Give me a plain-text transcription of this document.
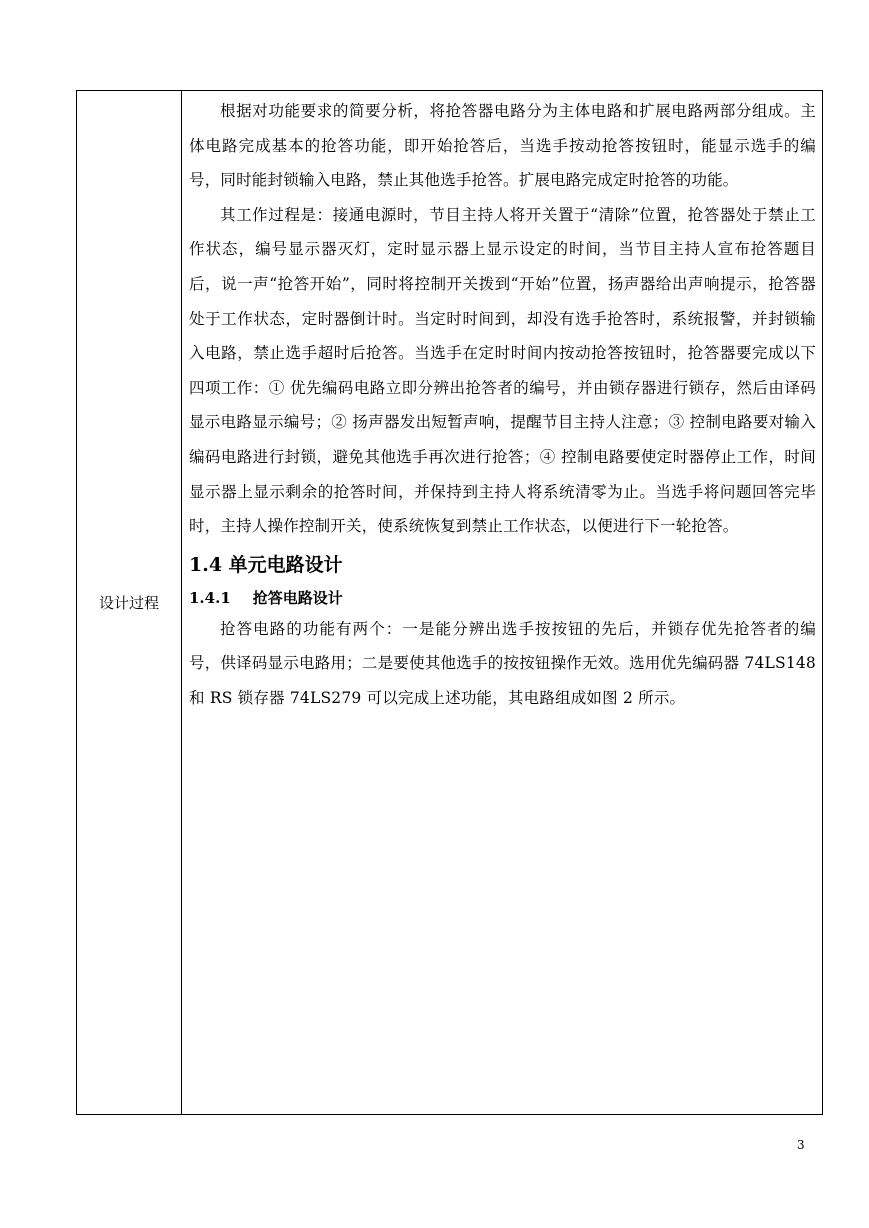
设计过程

根据对功能要求的简要分析，将抢答器电路分为主体电路和扩展电路两部分组成。主体电路完成基本的抢答功能，即开始抢答后，当选手按动抢答按钮时，能显示选手的编号，同时能封锁输入电路，禁止其他选手抢答。扩展电路完成定时抢答的功能。

其工作过程是：接通电源时，节目主持人将开关置于“清除”位置，抢答器处于禁止工作状态，编号显示器灭灯，定时显示器上显示设定的时间，当节目主持人宣布抢答题目后，说一声“抢答开始”，同时将控制开关拨到“开始”位置，扬声器给出声响提示，抢答器处于工作状态，定时器倒计时。当定时时间到，却没有选手抢答时，系统报警，并封锁输入电路，禁止选手超时后抢答。当选手在定时时间内按动抢答按钮时，抢答器要完成以下四项工作：① 优先编码电路立即分辨出抢答者的编号，并由锁存器进行锁存，然后由译码显示电路显示编号；② 扬声器发出短暂声响，提醒节目主持人注意；③ 控制电路要对输入编码电路进行封锁，避免其他选手再次进行抢答；④ 控制电路要使定时器停止工作，时间显示器上显示剩余的抢答时间，并保持到主持人将系统清零为止。当选手将问题回答完毕时，主持人操作控制开关，使系统恢复到禁止工作状态，以便进行下一轮抢答。

1.4 单元电路设计
1.4.1 抢答电路设计

抢答电路的功能有两个：一是能分辨出选手按按钮的先后，并锁存优先抢答者的编号，供译码显示电路用；二是要使其他选手的按按钮操作无效。选用优先编码器 74LS148 和 RS 锁存器 74LS279 可以完成上述功能，其电路组成如图 2 所示。

3
